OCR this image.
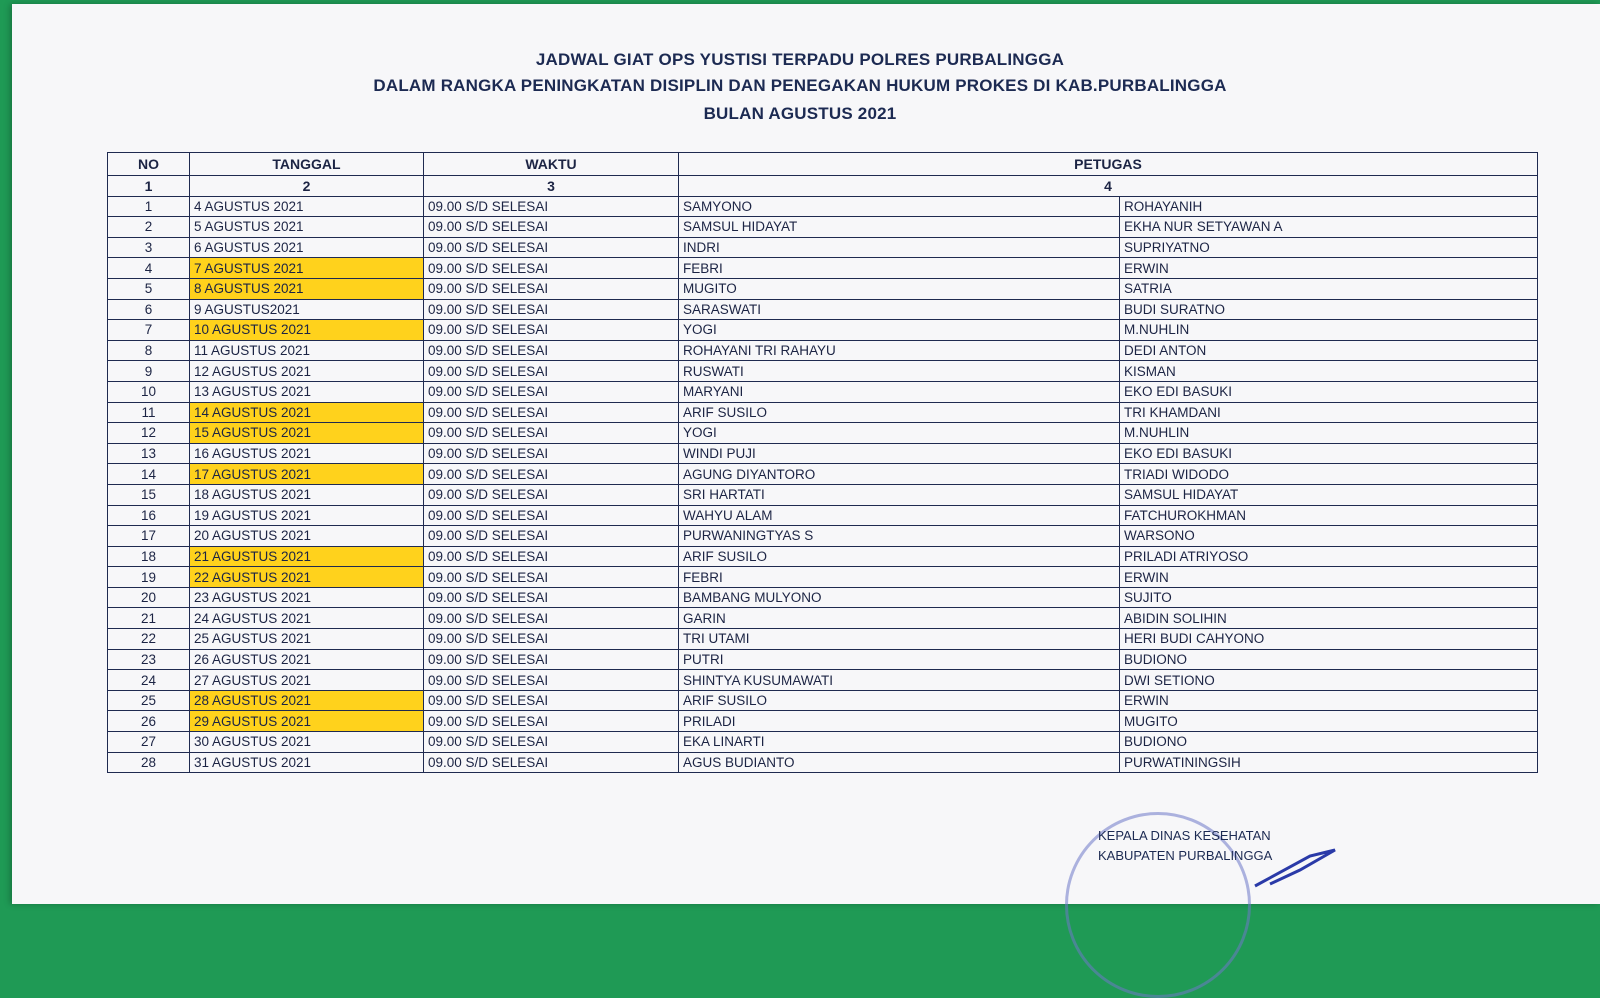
JADWAL GIAT OPS YUSTISI TERPADU POLRES PURBALINGGA
DALAM RANGKA PENINGKATAN DISIPLIN DAN PENEGAKAN HUKUM PROKES DI KAB.PURBALINGGA
BULAN AGUSTUS 2021
NO	TANGGAL	WAKTU	PETUGAS	
1	2	3	4	
1	4 AGUSTUS 2021	09.00 S/D SELESAI	SAMYONO	ROHAYANIH
2	5 AGUSTUS 2021	09.00 S/D SELESAI	SAMSUL HIDAYAT	EKHA NUR SETYAWAN A
3	6 AGUSTUS 2021	09.00 S/D SELESAI	INDRI	SUPRIYATNO
4	7 AGUSTUS 2021	09.00 S/D SELESAI	FEBRI	ERWIN
5	8 AGUSTUS 2021	09.00 S/D SELESAI	MUGITO	SATRIA
6	9 AGUSTUS2021	09.00 S/D SELESAI	SARASWATI	BUDI SURATNO
7	10 AGUSTUS 2021	09.00 S/D SELESAI	YOGI	M.NUHLIN
8	11 AGUSTUS 2021	09.00 S/D SELESAI	ROHAYANI TRI RAHAYU	DEDI ANTON
9	12 AGUSTUS 2021	09.00 S/D SELESAI	RUSWATI	KISMAN
10	13 AGUSTUS 2021	09.00 S/D SELESAI	MARYANI	EKO EDI BASUKI
11	14 AGUSTUS 2021	09.00 S/D SELESAI	ARIF SUSILO	TRI KHAMDANI
12	15 AGUSTUS 2021	09.00 S/D SELESAI	YOGI	M.NUHLIN
13	16 AGUSTUS 2021	09.00 S/D SELESAI	WINDI PUJI	EKO EDI BASUKI
14	17 AGUSTUS 2021	09.00 S/D SELESAI	AGUNG DIYANTORO	TRIADI WIDODO
15	18 AGUSTUS 2021	09.00 S/D SELESAI	SRI HARTATI	SAMSUL HIDAYAT
16	19 AGUSTUS 2021	09.00 S/D SELESAI	WAHYU ALAM	FATCHUROKHMAN
17	20 AGUSTUS 2021	09.00 S/D SELESAI	PURWANINGTYAS S	WARSONO
18	21 AGUSTUS 2021	09.00 S/D SELESAI	ARIF SUSILO	PRILADI ATRIYOSO
19	22 AGUSTUS 2021	09.00 S/D SELESAI	FEBRI	ERWIN
20	23 AGUSTUS 2021	09.00 S/D SELESAI	BAMBANG MULYONO	SUJITO
21	24 AGUSTUS 2021	09.00 S/D SELESAI	GARIN	ABIDIN SOLIHIN
22	25 AGUSTUS 2021	09.00 S/D SELESAI	TRI UTAMI	HERI BUDI CAHYONO
23	26 AGUSTUS 2021	09.00 S/D SELESAI	PUTRI	BUDIONO
24	27 AGUSTUS 2021	09.00 S/D SELESAI	SHINTYA KUSUMAWATI	DWI SETIONO
25	28 AGUSTUS 2021	09.00 S/D SELESAI	ARIF SUSILO	ERWIN
26	29 AGUSTUS 2021	09.00 S/D SELESAI	PRILADI	MUGITO
27	30 AGUSTUS 2021	09.00 S/D SELESAI	EKA LINARTI	BUDIONO
28	31 AGUSTUS 2021	09.00 S/D SELESAI	AGUS BUDIANTO	PURWATININGSIH
KEPALA DINAS KESEHATAN
KABUPATEN PURBALINGGA
